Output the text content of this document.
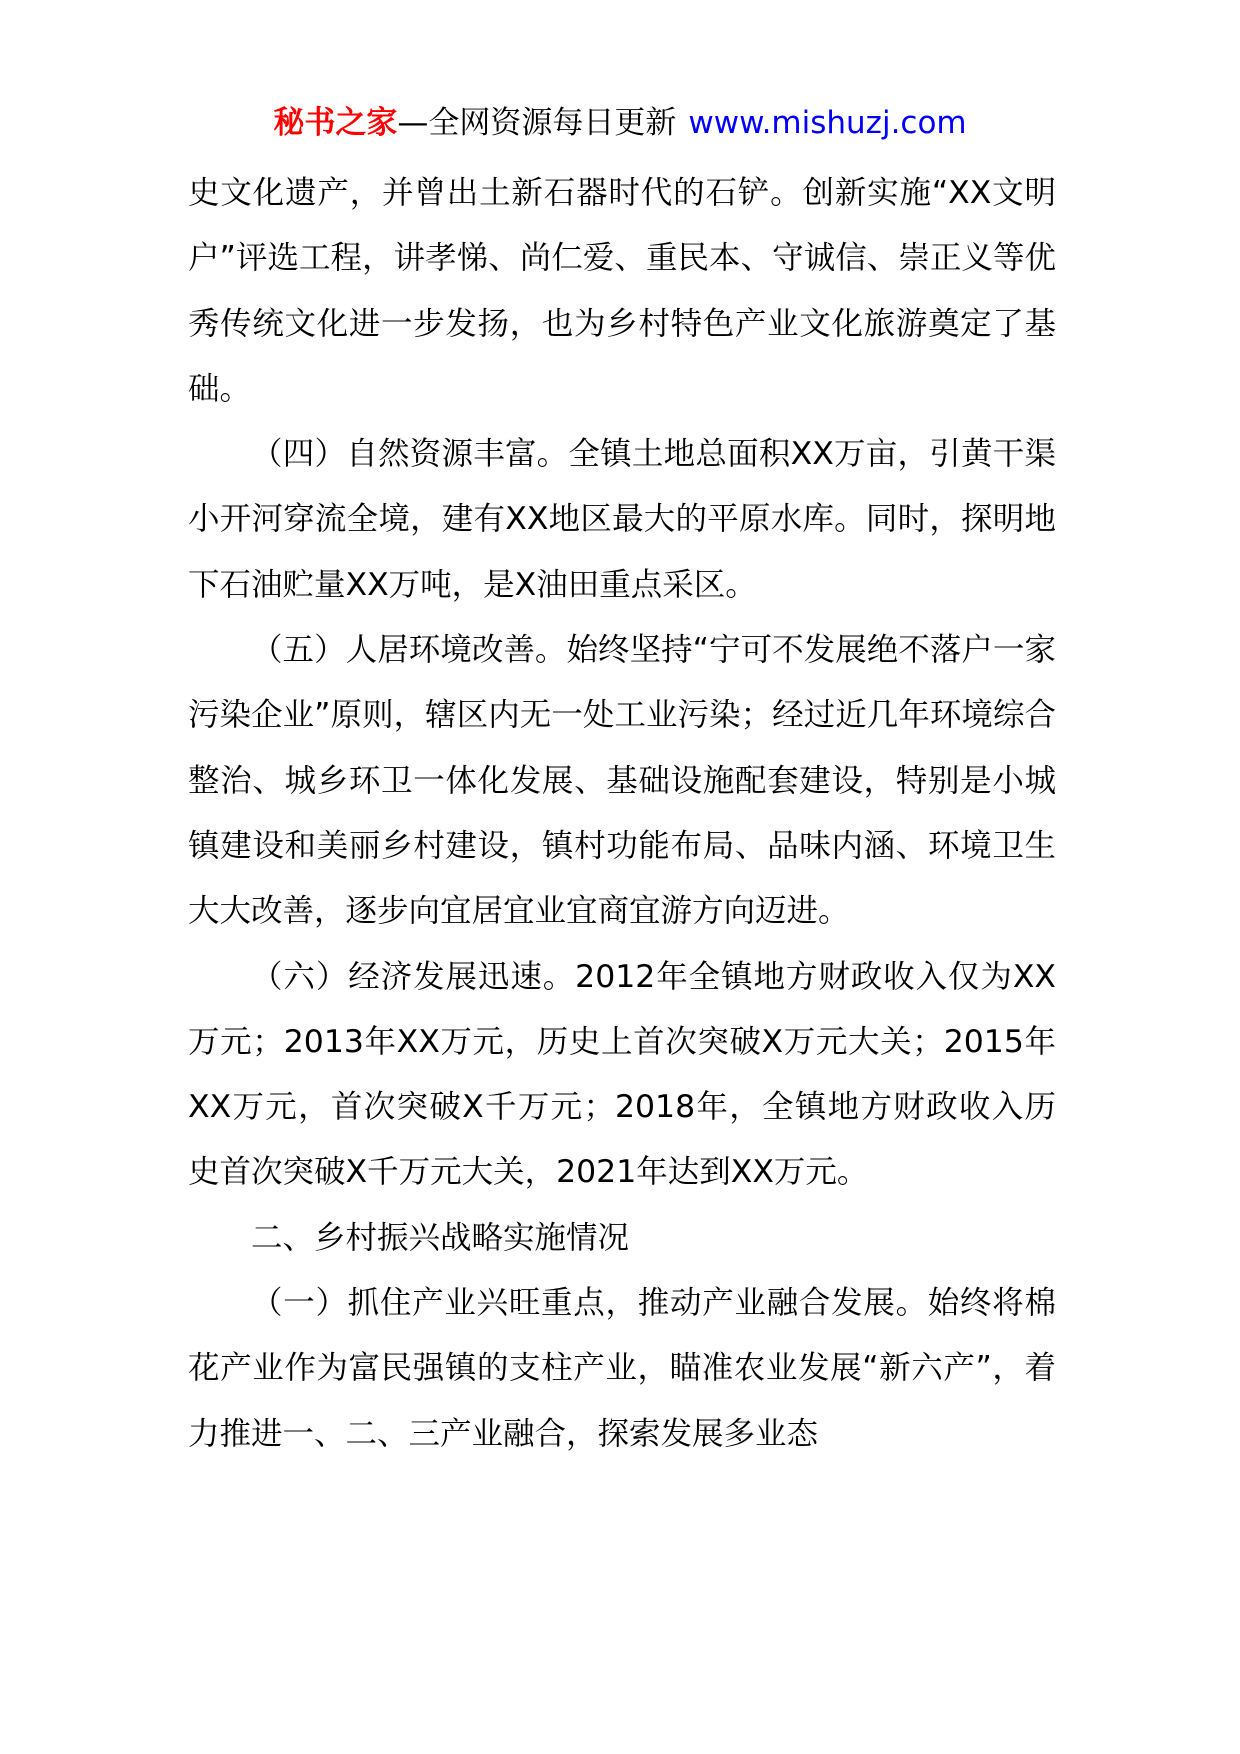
秘书之家—全网资源每日更新 www.mishuzj.com

史文化遗产，并曾出土新石器时代的石铲。创新实施“XX文明户”评选工程，讲孝悌、尚仁爱、重民本、守诚信、崇正义等优秀传统文化进一步发扬，也为乡村特色产业文化旅游奠定了基础。

（四）自然资源丰富。全镇土地总面积XX万亩，引黄干渠小开河穿流全境，建有XX地区最大的平原水库。同时，探明地下石油贮量XX万吨，是X油田重点采区。

（五）人居环境改善。始终坚持“宁可不发展绝不落户一家污染企业”原则，辖区内无一处工业污染；经过近几年环境综合整治、城乡环卫一体化发展、基础设施配套建设，特别是小城镇建设和美丽乡村建设，镇村功能布局、品味内涵、环境卫生大大改善，逐步向宜居宜业宜商宜游方向迈进。

（六）经济发展迅速。2012年全镇地方财政收入仅为XX万元；2013年XX万元，历史上首次突破X万元大关；2015年XX万元，首次突破X千万元；2018年，全镇地方财政收入历史首次突破X千万元大关，2021年达到XX万元。

二、乡村振兴战略实施情况

（一）抓住产业兴旺重点，推动产业融合发展。始终将棉花产业作为富民强镇的支柱产业，瞄准农业发展“新六产”，着力推进一、二、三产业融合，探索发展多业态
